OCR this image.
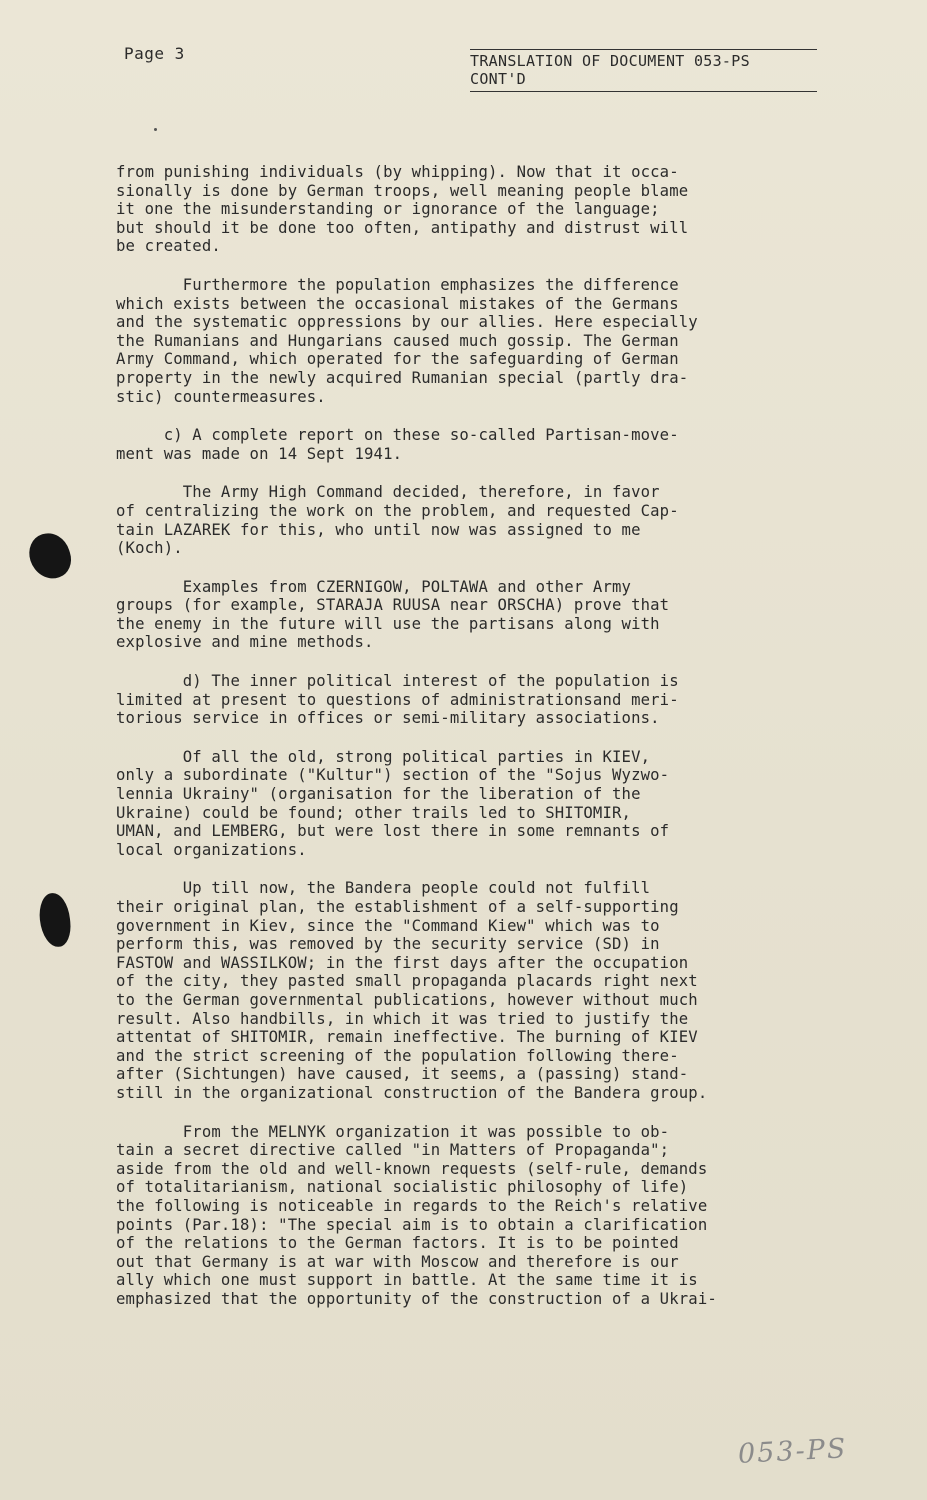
Page 3	TRANSLATION OF DOCUMENT 053-PS
CONT'D
from punishing individuals (by whipping). Now that it occa-
sionally is done by German troops, well meaning people blame
it one the misunderstanding or ignorance of the language;
but should it be done too often, antipathy and distrust will
be created.
Furthermore the population emphasizes the difference
which exists between the occasional mistakes of the Germans
and the systematic oppressions by our allies. Here especially
the Rumanians and Hungarians caused much gossip. The German
Army Command, which operated for the safeguarding of German
property in the newly acquired Rumanian special (partly dra-
stic) countermeasures.
c) A complete report on these so-called Partisan-move-
ment was made on 14 Sept 1941.
The Army High Command decided, therefore, in favor
of centralizing the work on the problem, and requested Cap-
tain LAZAREK for this, who until now was assigned to me
(Koch).
Examples from CZERNIGOW, POLTAWA and other Army
groups (for example, STARAJA RUUSA near ORSCHA) prove that
the enemy in the future will use the partisans along with
explosive and mine methods.
d) The inner political interest of the population is
limited at present to questions of administrationsand meri-
torious service in offices or semi-military associations.
Of all the old, strong political parties in KIEV,
only a subordinate ("Kultur") section of the "Sojus Wyzwo-
lennia Ukrainy" (organisation for the liberation of the
Ukraine) could be found; other trails led to SHITOMIR,
UMAN, and LEMBERG, but were lost there in some remnants of
local organizations.
Up till now, the Bandera people could not fulfill
their original plan, the establishment of a self-supporting
government in Kiev, since the "Command Kiew" which was to
perform this, was removed by the security service (SD) in
FASTOW and WASSILKOW; in the first days after the occupation
of the city, they pasted small propaganda placards right next
to the German governmental publications, however without much
result. Also handbills, in which it was tried to justify the
attentat of SHITOMIR, remain ineffective. The burning of KIEV
and the strict screening of the population following there-
after (Sichtungen) have caused, it seems, a (passing) stand-
still in the organizational construction of the Bandera group.
From the MELNYK organization it was possible to ob-
tain a secret directive called "in Matters of Propaganda";
aside from the old and well-known requests (self-rule, demands
of totalitarianism, national socialistic philosophy of life)
the following is noticeable in regards to the Reich's relative
points (Par.18): "The special aim is to obtain a clarification
of the relations to the German factors. It is to be pointed
out that Germany is at war with Moscow and therefore is our
ally which one must support in battle. At the same time it is
emphasized that the opportunity of the construction of a Ukrai-
053-PS
